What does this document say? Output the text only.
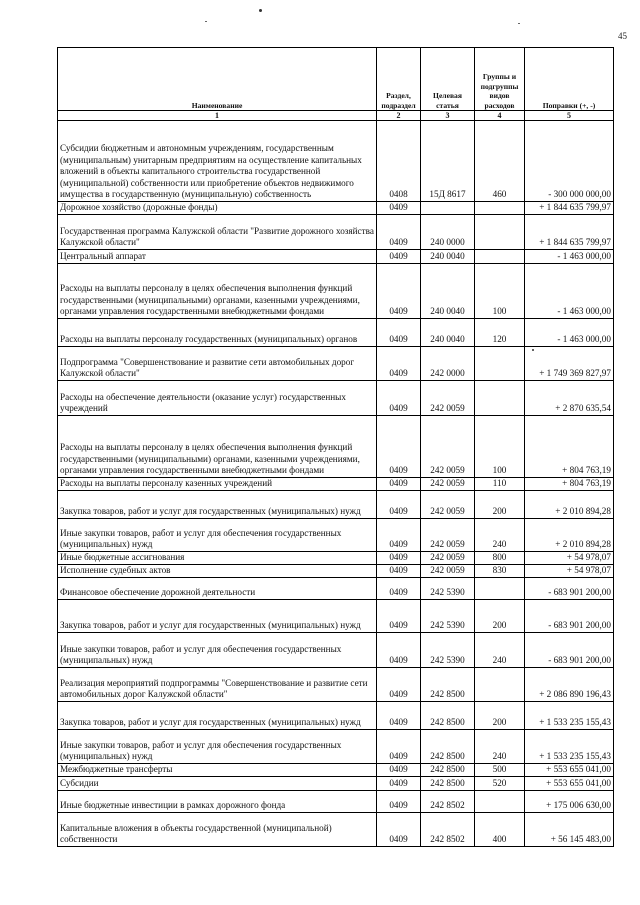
45
Наименование	Раздел, подраздел	Целевая статья	Группы и подгруппы видов расходов	Поправки (+, -)
1	2	3	4	5
Субсидии бюджетным и автономным учреждениям, государственным (муниципальным) унитарным предприятиям на осуществление капитальных вложений в объекты капитального строительства государственной (муниципальной) собственности или приобретение объектов недвижимого имущества в государственную (муниципальную) собственность	0408	15Д 8617	460	- 300 000 000,00
Дорожное хозяйство (дорожные фонды)	0409			+ 1 844 635 799,97
Государственная программа Калужской области "Развитие дорожного хозяйства Калужской области"	0409	240 0000		+ 1 844 635 799,97
Центральный аппарат	0409	240 0040		- 1 463 000,00
Расходы на выплаты персоналу в целях обеспечения выполнения функций государственными (муниципальными) органами, казенными учреждениями, органами управления государственными внебюджетными фондами	0409	240 0040	100	- 1 463 000,00
Расходы на выплаты персоналу государственных (муниципальных) органов	0409	240 0040	120	- 1 463 000,00
Подпрограмма "Совершенствование и развитие сети автомобильных дорог Калужской области"	0409	242 0000		+ 1 749 369 827,97
Расходы на обеспечение деятельности (оказание услуг) государственных учреждений	0409	242 0059		+ 2 870 635,54
Расходы на выплаты персоналу в целях обеспечения выполнения функций государственными (муниципальными) органами, казенными учреждениями, органами управления государственными внебюджетными фондами	0409	242 0059	100	+ 804 763,19
Расходы на выплаты персоналу казенных учреждений	0409	242 0059	110	+ 804 763,19
Закупка товаров, работ и услуг для государственных (муниципальных) нужд	0409	242 0059	200	+ 2 010 894,28
Иные закупки товаров, работ и услуг для обеспечения государственных (муниципальных) нужд	0409	242 0059	240	+ 2 010 894,28
Иные бюджетные ассигнования	0409	242 0059	800	+ 54 978,07
Исполнение судебных актов	0409	242 0059	830	+ 54 978,07
Финансовое обеспечение дорожной деятельности	0409	242 5390		- 683 901 200,00
Закупка товаров, работ и услуг для государственных (муниципальных) нужд	0409	242 5390	200	- 683 901 200,00
Иные закупки товаров, работ и услуг для обеспечения государственных (муниципальных) нужд	0409	242 5390	240	- 683 901 200,00
Реализация мероприятий подпрограммы "Совершенствование и развитие сети автомобильных дорог Калужской области"	0409	242 8500		+ 2 086 890 196,43
Закупка товаров, работ и услуг для государственных (муниципальных) нужд	0409	242 8500	200	+ 1 533 235 155,43
Иные закупки товаров, работ и услуг для обеспечения государственных (муниципальных) нужд	0409	242 8500	240	+ 1 533 235 155,43
Межбюджетные трансферты	0409	242 8500	500	+ 553 655 041,00
Субсидии	0409	242 8500	520	+ 553 655 041,00
Иные бюджетные инвестиции в рамках дорожного фонда	0409	242 8502		+ 175 006 630,00
Капитальные вложения в объекты государственной (муниципальной) собственности	0409	242 8502	400	+ 56 145 483,00
